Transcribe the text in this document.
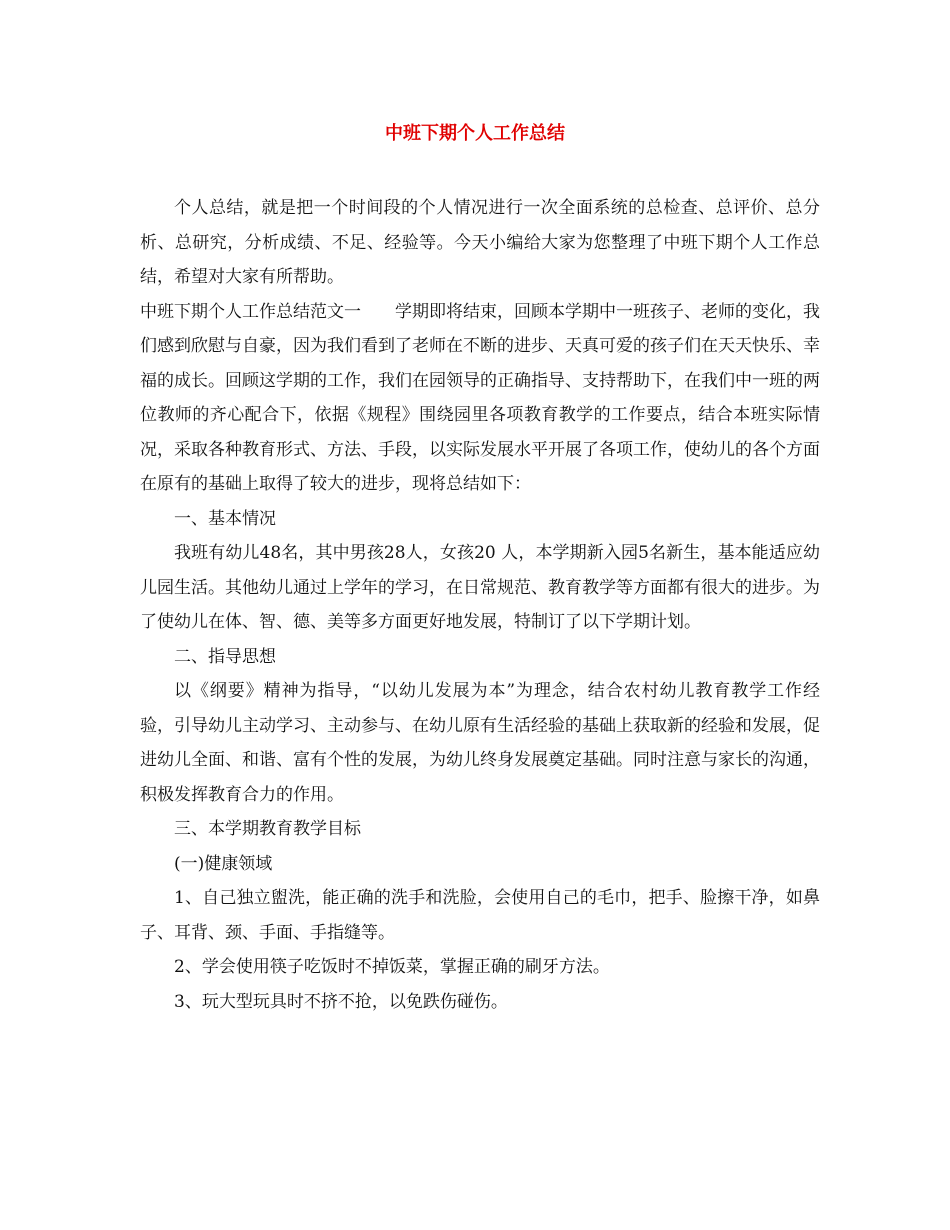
中班下期个人工作总结

个人总结，就是把一个时间段的个人情况进行一次全面系统的总检查、总评价、总分析、总研究，分析成绩、不足、经验等。今天小编给大家为您整理了中班下期个人工作总结，希望对大家有所帮助。

中班下期个人工作总结范文一　　学期即将结束，回顾本学期中一班孩子、老师的变化，我们感到欣慰与自豪，因为我们看到了老师在不断的进步、天真可爱的孩子们在天天快乐、幸福的成长。回顾这学期的工作，我们在园领导的正确指导、支持帮助下，在我们中一班的两位教师的齐心配合下，依据《规程》围绕园里各项教育教学的工作要点，结合本班实际情况，采取各种教育形式、方法、手段，以实际发展水平开展了各项工作，使幼儿的各个方面在原有的基础上取得了较大的进步，现将总结如下：

一、基本情况

我班有幼儿48名，其中男孩28人，女孩20 人，本学期新入园5名新生，基本能适应幼儿园生活。其他幼儿通过上学年的学习，在日常规范、教育教学等方面都有很大的进步。为了使幼儿在体、智、德、美等多方面更好地发展，特制订了以下学期计划。

二、指导思想

以《纲要》精神为指导，“以幼儿发展为本”为理念，结合农村幼儿教育教学工作经验，引导幼儿主动学习、主动参与、在幼儿原有生活经验的基础上获取新的经验和发展，促进幼儿全面、和谐、富有个性的发展，为幼儿终身发展奠定基础。同时注意与家长的沟通，积极发挥教育合力的作用。

三、本学期教育教学目标

(一)健康领域

1、自己独立盥洗，能正确的洗手和洗脸，会使用自己的毛巾，把手、脸擦干净，如鼻子、耳背、颈、手面、手指缝等。

2、学会使用筷子吃饭时不掉饭菜，掌握正确的刷牙方法。

3、玩大型玩具时不挤不抢，以免跌伤碰伤。
